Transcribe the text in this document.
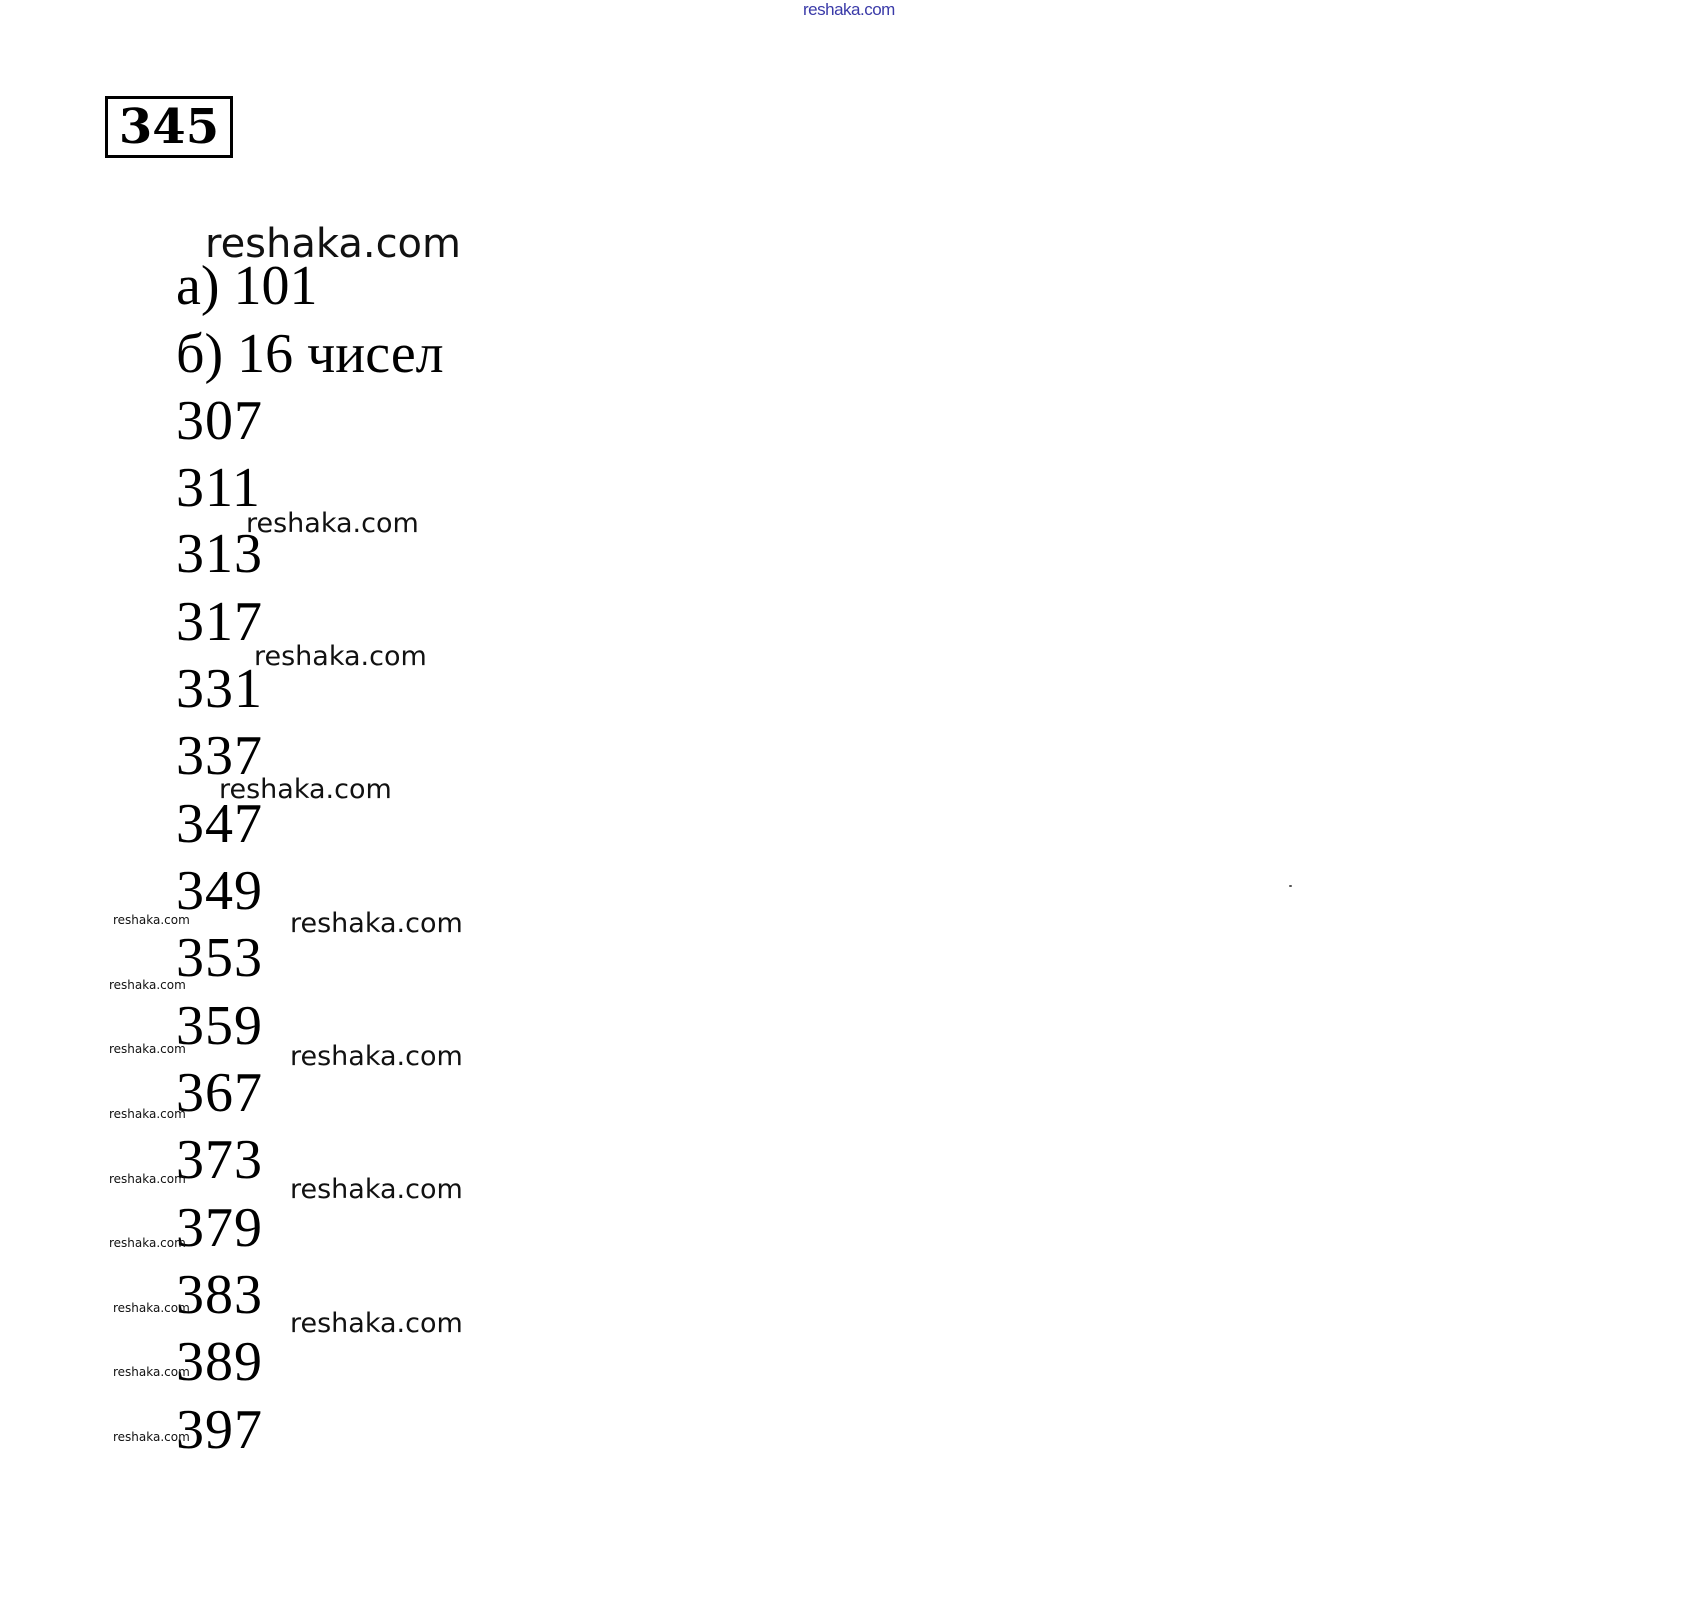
reshaka.com
345
reshaka.com
а) 101
б) 16 чисел
307
311
313
317
331
337
347
349
353
359
367
373
379
383
389
397
reshaka.com
reshaka.com
reshaka.com
reshaka.com
reshaka.com
reshaka.com
reshaka.com
reshaka.com
reshaka.com
reshaka.com
reshaka.com
reshaka.com
reshaka.com
reshaka.com
reshaka.com
reshaka.com
